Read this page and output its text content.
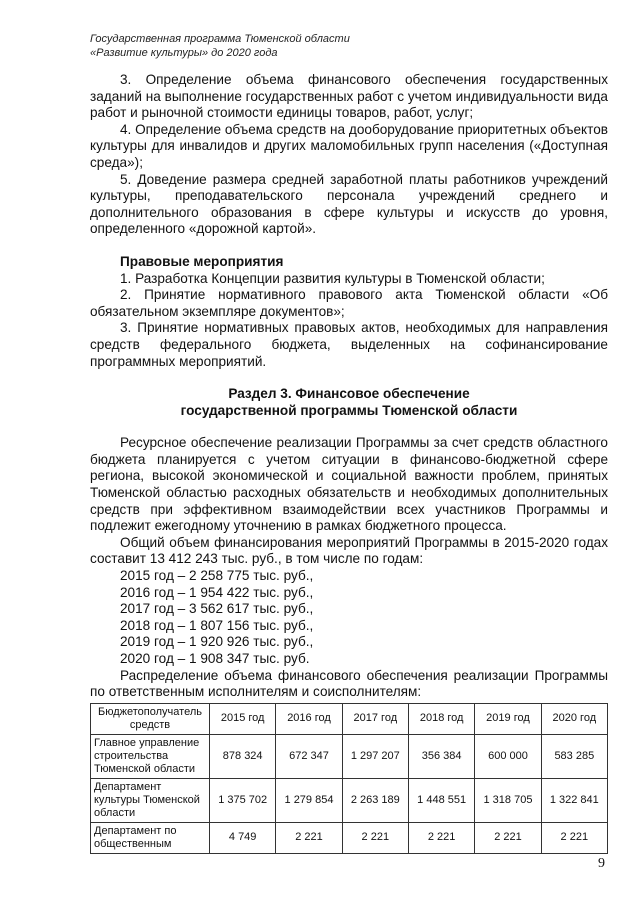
Государственная программа Тюменской области
«Развитие культуры» до 2020 года

3. Определение объема финансового обеспечения государственных заданий на выполнение государственных работ с учетом индивидуальности вида работ и рыночной стоимости единицы товаров, работ, услуг;

4. Определение объема средств на дооборудование приоритетных объектов культуры для инвалидов и других маломобильных групп населения («Доступная среда»);

5. Доведение размера средней заработной платы работников учреждений культуры, преподавательского персонала учреждений среднего и дополнительного образования в сфере культуры и искусств до уровня, определенного «дорожной картой».

Правовые мероприятия

1. Разработка Концепции развития культуры в Тюменской области;

2. Принятие нормативного правового акта Тюменской области «Об обязательном экземпляре документов»;

3. Принятие нормативных правовых актов, необходимых для направления средств федерального бюджета, выделенных на софинансирование программных мероприятий.

Раздел 3. Финансовое обеспечение

государственной программы Тюменской области

Ресурсное обеспечение реализации Программы за счет средств областного бюджета планируется с учетом ситуации в финансово-бюджетной сфере региона, высокой экономической и социальной важности проблем, принятых Тюменской областью расходных обязательств и необходимых дополнительных средств при эффективном взаимодействии всех участников Программы и подлежит ежегодному уточнению в рамках бюджетного процесса.

Общий объем финансирования мероприятий Программы в 2015-2020 годах составит 13 412 243 тыс. руб., в том числе по годам:

2015 год – 2 258 775 тыс. руб.,
2016 год – 1 954 422 тыс. руб.,
2017 год – 3 562 617 тыс. руб.,
2018 год – 1 807 156 тыс. руб.,
2019 год – 1 920 926 тыс. руб.,
2020 год – 1 908 347 тыс. руб.

Распределение объема финансового обеспечения реализации Программы по ответственным исполнителям и соисполнителям:

Бюджетополучатель средств	2015 год	2016 год	2017 год	2018 год	2019 год	2020 год
Главное управление строительства Тюменской области	878 324	672 347	1 297 207	356 384	600 000	583 285
Департамент культуры Тюменской области	1 375 702	1 279 854	2 263 189	1 448 551	1 318 705	1 322 841
Департамент по общественным	4 749	2 221	2 221	2 221	2 221	2 221
9
